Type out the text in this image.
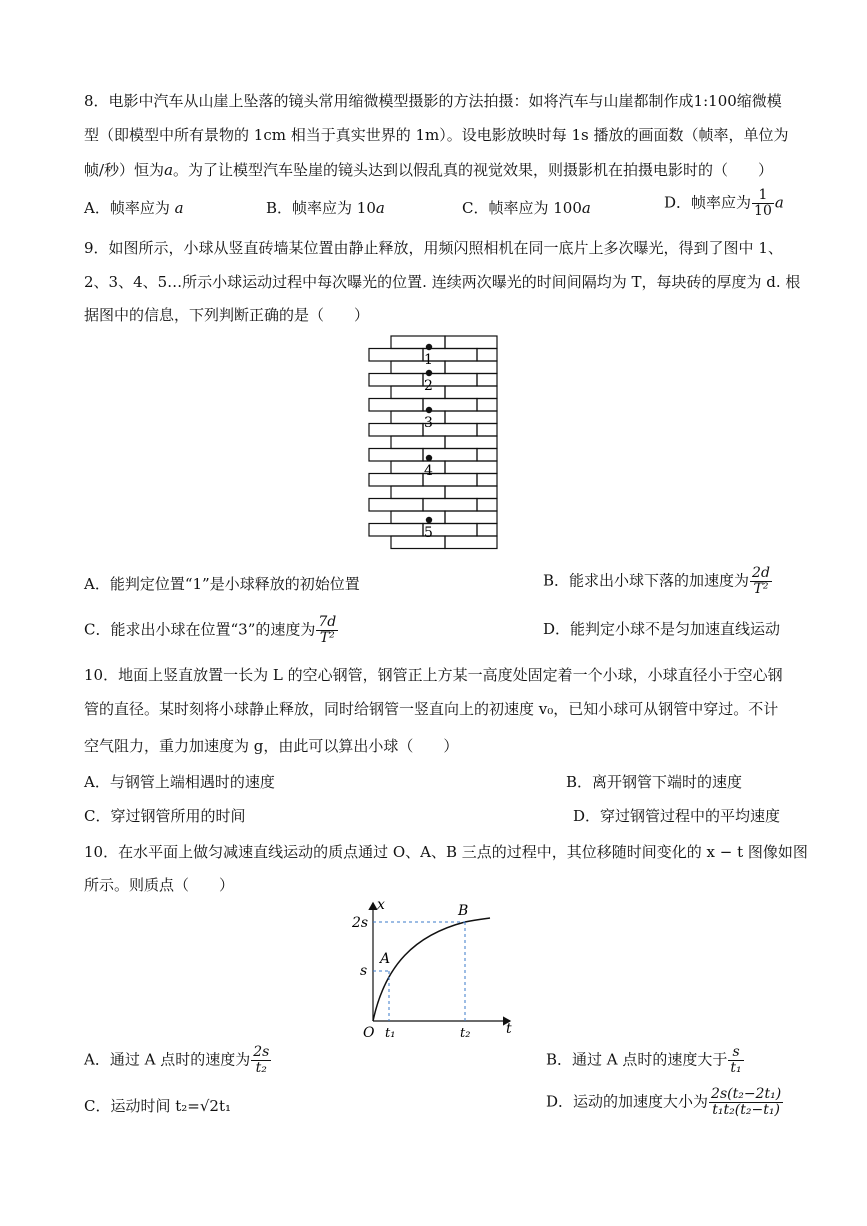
8．电影中汽车从山崖上坠落的镜头常用缩微模型摄影的方法拍摄：如将汽车与山崖都制作成1:100缩微模
型（即模型中所有景物的 1cm 相当于真实世界的 1m）。设电影放映时每 1s 播放的画面数（帧率，单位为
帧/秒）恒为a。为了让模型汽车坠崖的镜头达到以假乱真的视觉效果，则摄影机在拍摄电影时的（　　）
A．帧率应为 a	B．帧率应为 10a	C．帧率应为 100a	D．帧率应为 $\frac{1}{10}$ a
9．如图所示，小球从竖直砖墙某位置由静止释放，用频闪照相机在同一底片上多次曝光，得到了图中 1、
2、3、4、5…所示小球运动过程中每次曝光的位置. 连续两次曝光的时间间隔均为 T，每块砖的厚度为 d. 根
据图中的信息，下列判断正确的是（　　）
1
2
3
4
5
A．能判定位置“1”是小球释放的初始位置	B．能求出小球下落的加速度为 $\frac{2d}{\text{T²}}$
C．能求出小球在位置“3”的速度为 $\frac{7d}{\text{T²}}$	D．能判定小球不是匀加速直线运动
10．地面上竖直放置一长为 L 的空心钢管，钢管正上方某一高度处固定着一个小球，小球直径小于空心钢
管的直径。某时刻将小球静止释放，同时给钢管一竖直向上的初速度 v₀，已知小球可从钢管中穿过。不计
空气阻力，重力加速度为 g，由此可以算出小球（　　）
A．与钢管上端相遇时的速度	B．离开钢管下端时的速度
C．穿过钢管所用的时间	D．穿过钢管过程中的平均速度
10．在水平面上做匀减速直线运动的质点通过 O、A、B 三点的过程中，其位移随时间变化的 x − t 图像如图
所示。则质点（　　）
x
t
O
2s
s
t₁	t₂
A
B
A．通过 A 点时的速度为 $\frac{2s}{\text{t₂}}$	B．通过 A 点时的速度大于 $\frac{s}{\text{t₁}}$
C．运动时间 t₂=√2t₁	D．运动的加速度大小为 $\frac{\text{2s(t₂−2t₁)}}{\text{t₁t₂(t₂−t₁)}}$
